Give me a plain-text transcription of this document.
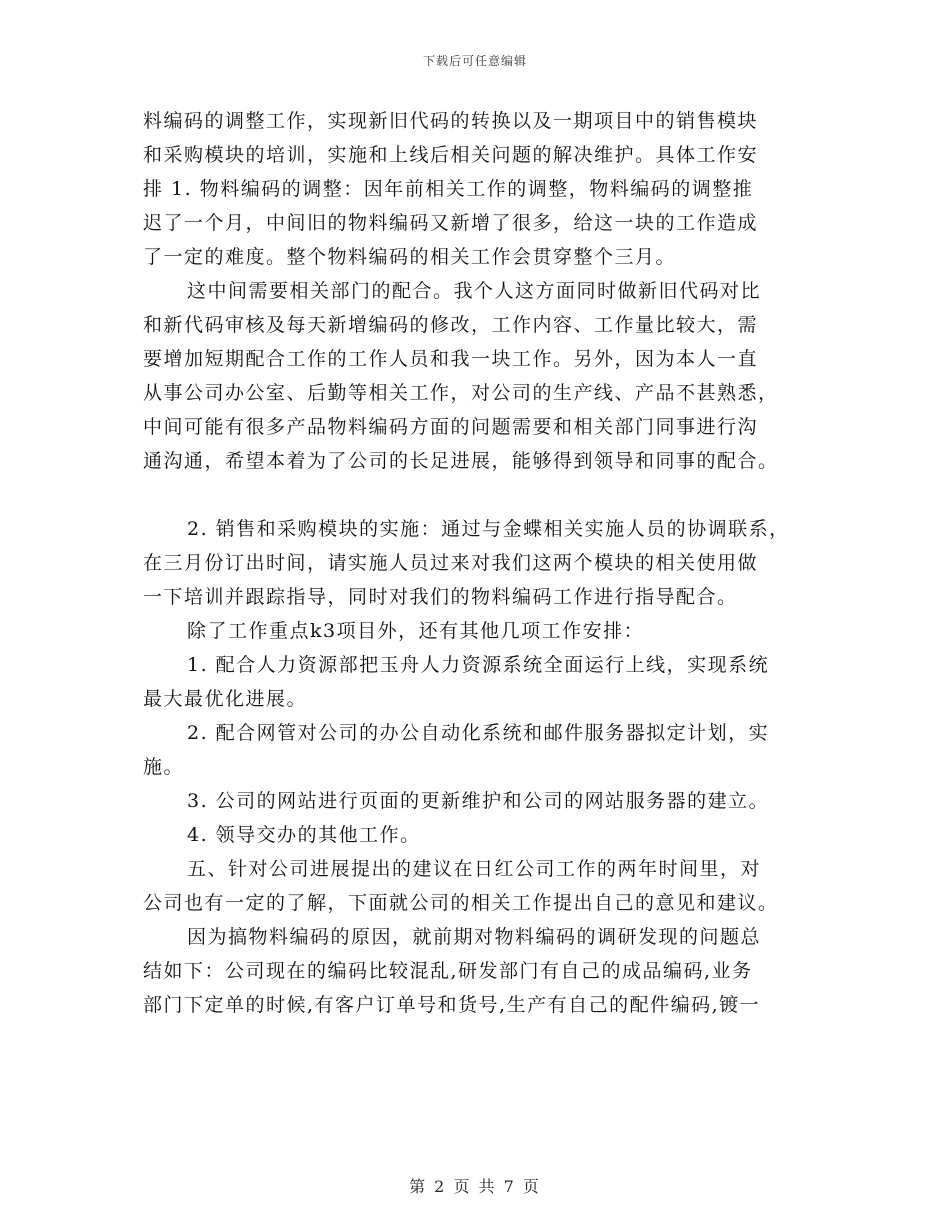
下载后可任意编辑
料编码的调整工作，实现新旧代码的转换以及一期项目中的销售模块
和采购模块的培训，实施和上线后相关问题的解决维护。具体工作安
排 1. 物料编码的调整：因年前相关工作的调整，物料编码的调整推
迟了一个月，中间旧的物料编码又新增了很多，给这一块的工作造成
了一定的难度。整个物料编码的相关工作会贯穿整个三月。
这中间需要相关部门的配合。我个人这方面同时做新旧代码对比
和新代码审核及每天新增编码的修改，工作内容、工作量比较大，需
要增加短期配合工作的工作人员和我一块工作。另外，因为本人一直
从事公司办公室、后勤等相关工作，对公司的生产线、产品不甚熟悉，
中间可能有很多产品物料编码方面的问题需要和相关部门同事进行沟
通沟通，希望本着为了公司的长足进展，能够得到领导和同事的配合。
2. 销售和采购模块的实施：通过与金蝶相关实施人员的协调联系，
在三月份订出时间，请实施人员过来对我们这两个模块的相关使用做
一下培训并跟踪指导，同时对我们的物料编码工作进行指导配合。
除了工作重点k3项目外，还有其他几项工作安排：
1. 配合人力资源部把玉舟人力资源系统全面运行上线，实现系统
最大最优化进展。
2. 配合网管对公司的办公自动化系统和邮件服务器拟定计划，实
施。
3. 公司的网站进行页面的更新维护和公司的网站服务器的建立。
4. 领导交办的其他工作。
五、针对公司进展提出的建议在日红公司工作的两年时间里，对
公司也有一定的了解，下面就公司的相关工作提出自己的意见和建议。
因为搞物料编码的原因，就前期对物料编码的调研发现的问题总
结如下：公司现在的编码比较混乱,研发部门有自己的成品编码,业务
部门下定单的时候,有客户订单号和货号,生产有自己的配件编码,镀一
第 2 页 共 7 页
